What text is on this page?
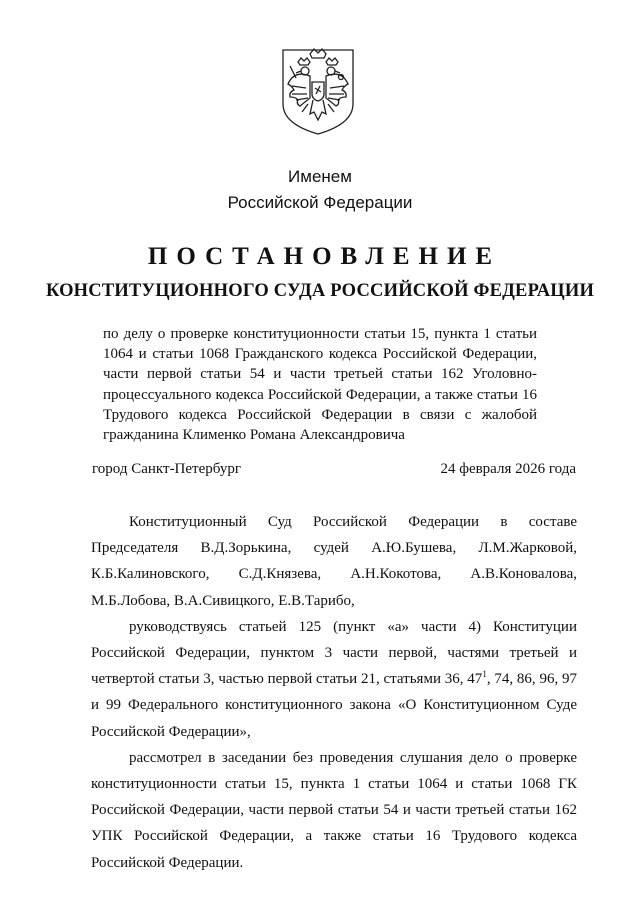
Именем
Российской Федерации
ПОСТАНОВЛЕНИЕ
КОНСТИТУЦИОННОГО СУДА РОССИЙСКОЙ ФЕДЕРАЦИИ
по делу о проверке конституционности статьи 15, пункта 1 статьи 1064 и статьи 1068 Гражданского кодекса Российской Федерации, части первой статьи 54 и части третьей статьи 162 Уголовно-процессуального кодекса Российской Федерации, а также статьи 16 Трудового кодекса Российской Федерации в связи с жалобой гражданина Клименко Романа Александровича
город Санкт-Петербург	24 февраля 2026 года

Конституционный Суд Российской Федерации в составе Председателя В.Д.Зорькина, судей А.Ю.Бушева, Л.М.Жарковой, К.Б.Калиновского, С.Д.Князева, А.Н.Кокотова, А.В.Коновалова, М.Б.Лобова, В.А.Сивицкого, Е.В.Тарибо,

руководствуясь статьей 125 (пункт «а» части 4) Конституции Российской Федерации, пунктом 3 части первой, частями третьей и четвертой статьи 3, частью первой статьи 21, статьями 36, $47^1$, 74, 86, 96, 97 и 99 Федерального конституционного закона «О Конституционном Суде Российской Федерации»,

рассмотрел в заседании без проведения слушания дело о проверке конституционности статьи 15, пункта 1 статьи 1064 и статьи 1068 ГК Российской Федерации, части первой статьи 54 и части третьей статьи 162 УПК Российской Федерации, а также статьи 16 Трудового кодекса Российской Федерации.
